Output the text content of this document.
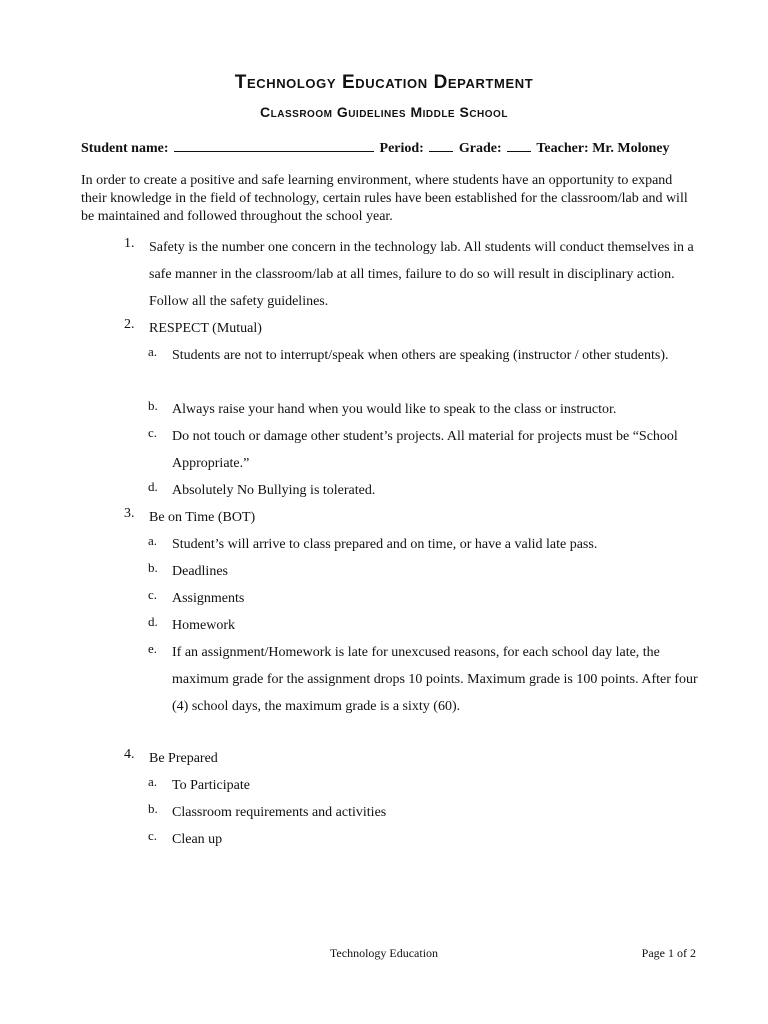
Technology Education Department
Classroom Guidelines Middle School
Student name:	Period:	Grade: Teacher: Mr. Moloney
In order to create a positive and safe learning environment, where students have an opportunity to expand their knowledge in the field of technology, certain rules have been established for the classroom/lab and will be maintained and followed throughout the school year.
1.	Safety is the number one concern in the technology lab. All students will conduct themselves in a safe manner in the classroom/lab at all times, failure to do so will result in disciplinary action. Follow all the safety guidelines.
2.	RESPECT (Mutual)
a.	Students are not to interrupt/speak when others are speaking (instructor / other students).
b.	Always raise your hand when you would like to speak to the class or instructor.
c.	Do not touch or damage other student’s projects. All material for projects must be “School Appropriate.”
d.	Absolutely No Bullying is tolerated.
3.	Be on Time (BOT)
a.	Student’s will arrive to class prepared and on time, or have a valid late pass.
b.	Deadlines
c.	Assignments
d.	Homework
e.	If an assignment/Homework is late for unexcused reasons, for each school day late, the maximum grade for the assignment drops 10 points. Maximum grade is 100 points. After four (4) school days, the maximum grade is a sixty (60).
4.	Be Prepared
a.	To Participate
b.	Classroom requirements and activities
c.	Clean up
Technology Education	Page 1 of 2
